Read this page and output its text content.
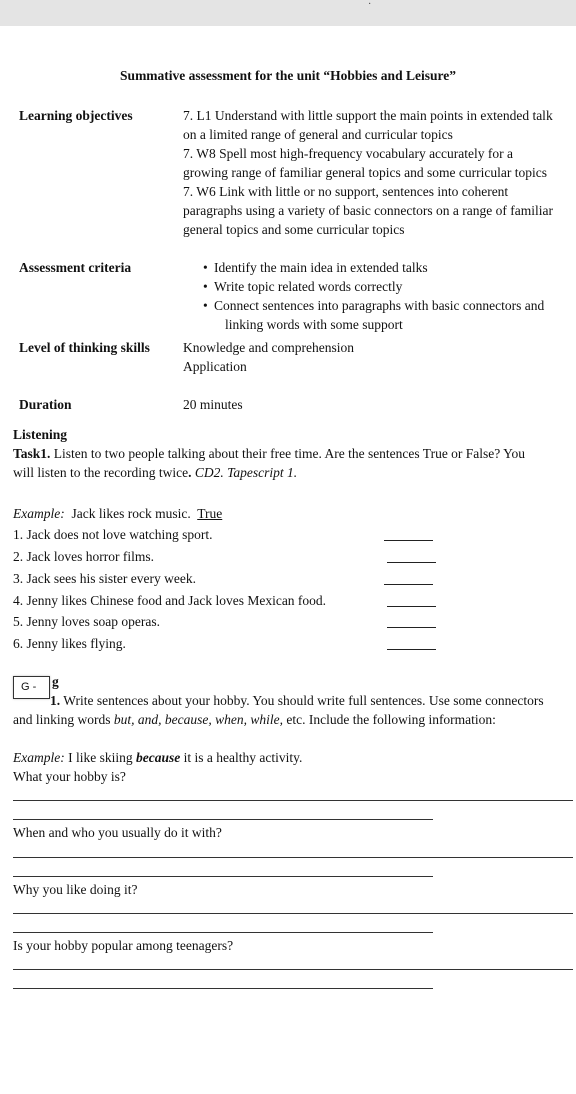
·
Summative assessment for the unit “Hobbies and Leisure”
Learning objectives	7. L1 Understand with little support the main points in extended talk
on a limited range of general and curricular topics
7. W8 Spell most high-frequency vocabulary accurately for a
growing range of familiar general topics and some curricular topics
7. W6 Link with little or no support, sentences into coherent
paragraphs using a variety of basic connectors on a range of familiar
general topics and some curricular topics
Assessment criteria
•	Identify the main idea in extended talks
• Write topic related words correctly
• Connect sentences into paragraphs with basic connectors and
linking words with some support
Level of thinking skills Knowledge and comprehension
Application
Duration	20 minutes
Listening
Task1. Listen to two people talking about their free time. Are the sentences True or False? You
will listen to the recording twice. CD2. Tapescript 1.
Example: Jack likes rock music. True
1. Jack does not love watching sport.
2. Jack loves horror films.
3. Jack sees his sister every week.
4. Jenny likes Chinese food and Jack loves Mexican food.
5. Jenny loves soap operas.
6. Jenny likes flying.
g
1. Write sentences about your hobby. You should write full sentences. Use some connectors
and linking words but, and, because, when, while, etc. Include the following information:
G -
Example: I like skiing because it is a healthy activity.
What your hobby is?
When and who you usually do it with?
Why you like doing it?
Is your hobby popular among teenagers?
